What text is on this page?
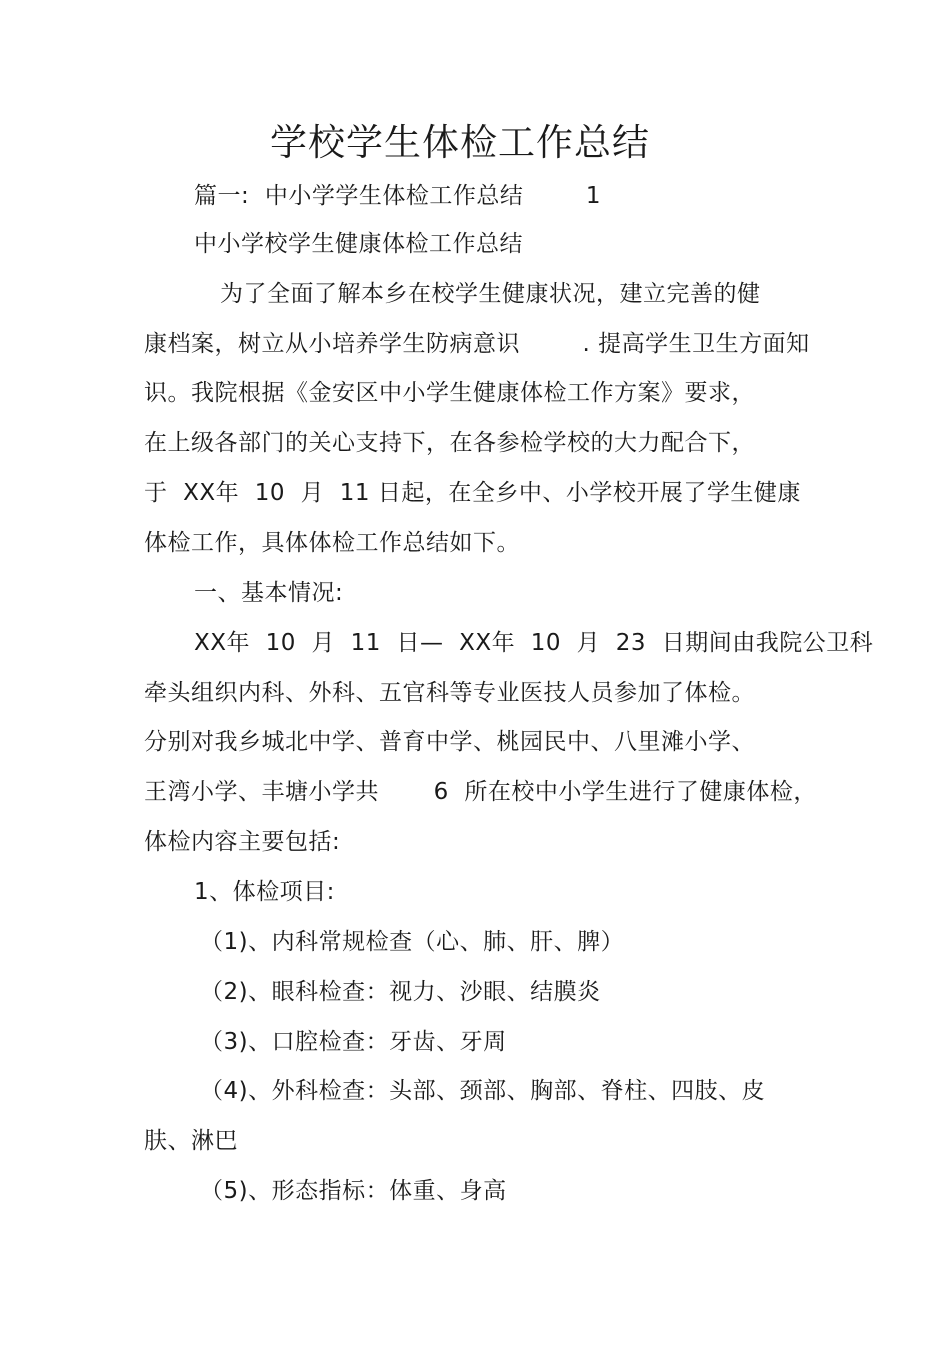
学校学生体检工作总结
篇一:  中小学学生体检工作总结        1
中小学校学生健康体检工作总结
为了全面了解本乡在校学生健康状况，建立完善的健
康档案，树立从小培养学生防病意识        . 提高学生卫生方面知
识。我院根据《金安区中小学生健康体检工作方案》要求，
在上级各部门的关心支持下，在各参检学校的大力配合下，
于  XX年  10  月  11 日起，在全乡中、小学校开展了学生健康
体检工作，具体体检工作总结如下。
一、基本情况:
XX年  10  月  11  日—  XX年  10  月  23  日期间由我院公卫科
牵头组织内科、外科、五官科等专业医技人员参加了体检。
分别对我乡城北中学、普育中学、桃园民中、八里滩小学、
王湾小学、丰塘小学共       6  所在校中小学生进行了健康体检，
体检内容主要包括:
1、体检项目:
（1)、内科常规检查（心、肺、肝、脾）
（2)、眼科检查：视力、沙眼、结膜炎
（3)、口腔检查：牙齿、牙周
（4)、外科检查：头部、颈部、胸部、脊柱、四肢、皮
肤、淋巴
（5)、形态指标：体重、身高
